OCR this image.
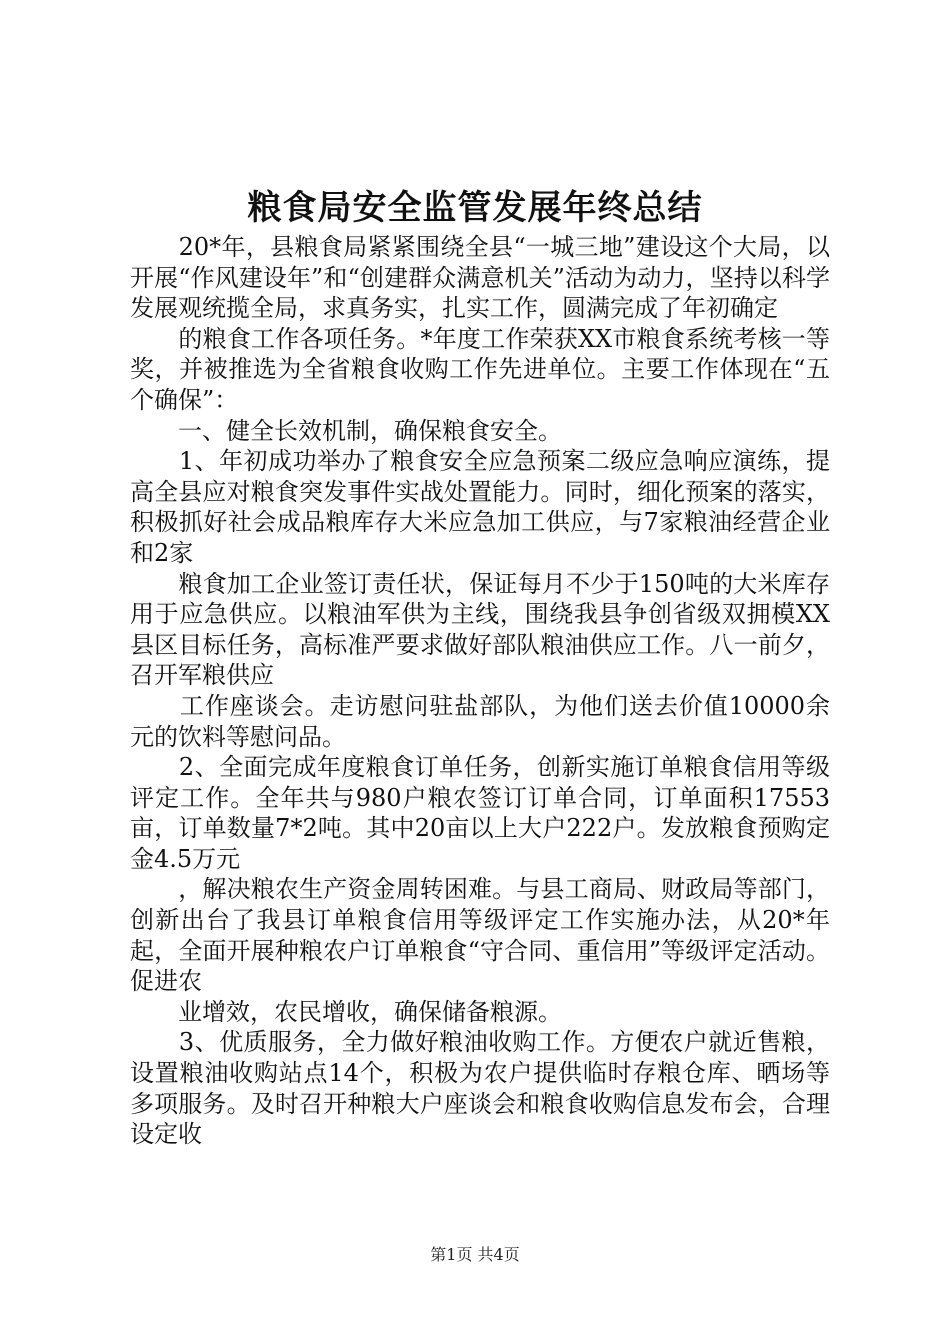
粮食局安全监管发展年终总结

　　20*年，县粮食局紧紧围绕全县“一城三地”建设这个大局，以开展“作风建设年”和“创建群众满意机关”活动为动力，坚持以科学发展观统揽全局，求真务实，扎实工作，圆满完成了年初确定

　　的粮食工作各项任务。*年度工作荣获XX市粮食系统考核一等奖，并被推选为全省粮食收购工作先进单位。主要工作体现在“五个确保”：

　　一、健全长效机制，确保粮食安全。

　　1、年初成功举办了粮食安全应急预案二级应急响应演练，提高全县应对粮食突发事件实战处置能力。同时，细化预案的落实，积极抓好社会成品粮库存大米应急加工供应，与7家粮油经营企业和2家

　　粮食加工企业签订责任状，保证每月不少于150吨的大米库存用于应急供应。以粮油军供为主线，围绕我县争创省级双拥模XX县区目标任务，高标准严要求做好部队粮油供应工作。八一前夕，召开军粮供应

　　工作座谈会。走访慰问驻盐部队，为他们送去价值10000余元的饮料等慰问品。

　　2、全面完成年度粮食订单任务，创新实施订单粮食信用等级评定工作。全年共与980户粮农签订订单合同，订单面积17553亩，订单数量7*2吨。其中20亩以上大户222户。发放粮食预购定金4.5万元

　　，解决粮农生产资金周转困难。与县工商局、财政局等部门，创新出台了我县订单粮食信用等级评定工作实施办法，从20*年起，全面开展种粮农户订单粮食“守合同、重信用”等级评定活动。促进农

　　业增效，农民增收，确保储备粮源。

　　3、优质服务，全力做好粮油收购工作。方便农户就近售粮，设置粮油收购站点14个，积极为农户提供临时存粮仓库、晒场等多项服务。及时召开种粮大户座谈会和粮食收购信息发布会，合理设定收

第1页 共4页
